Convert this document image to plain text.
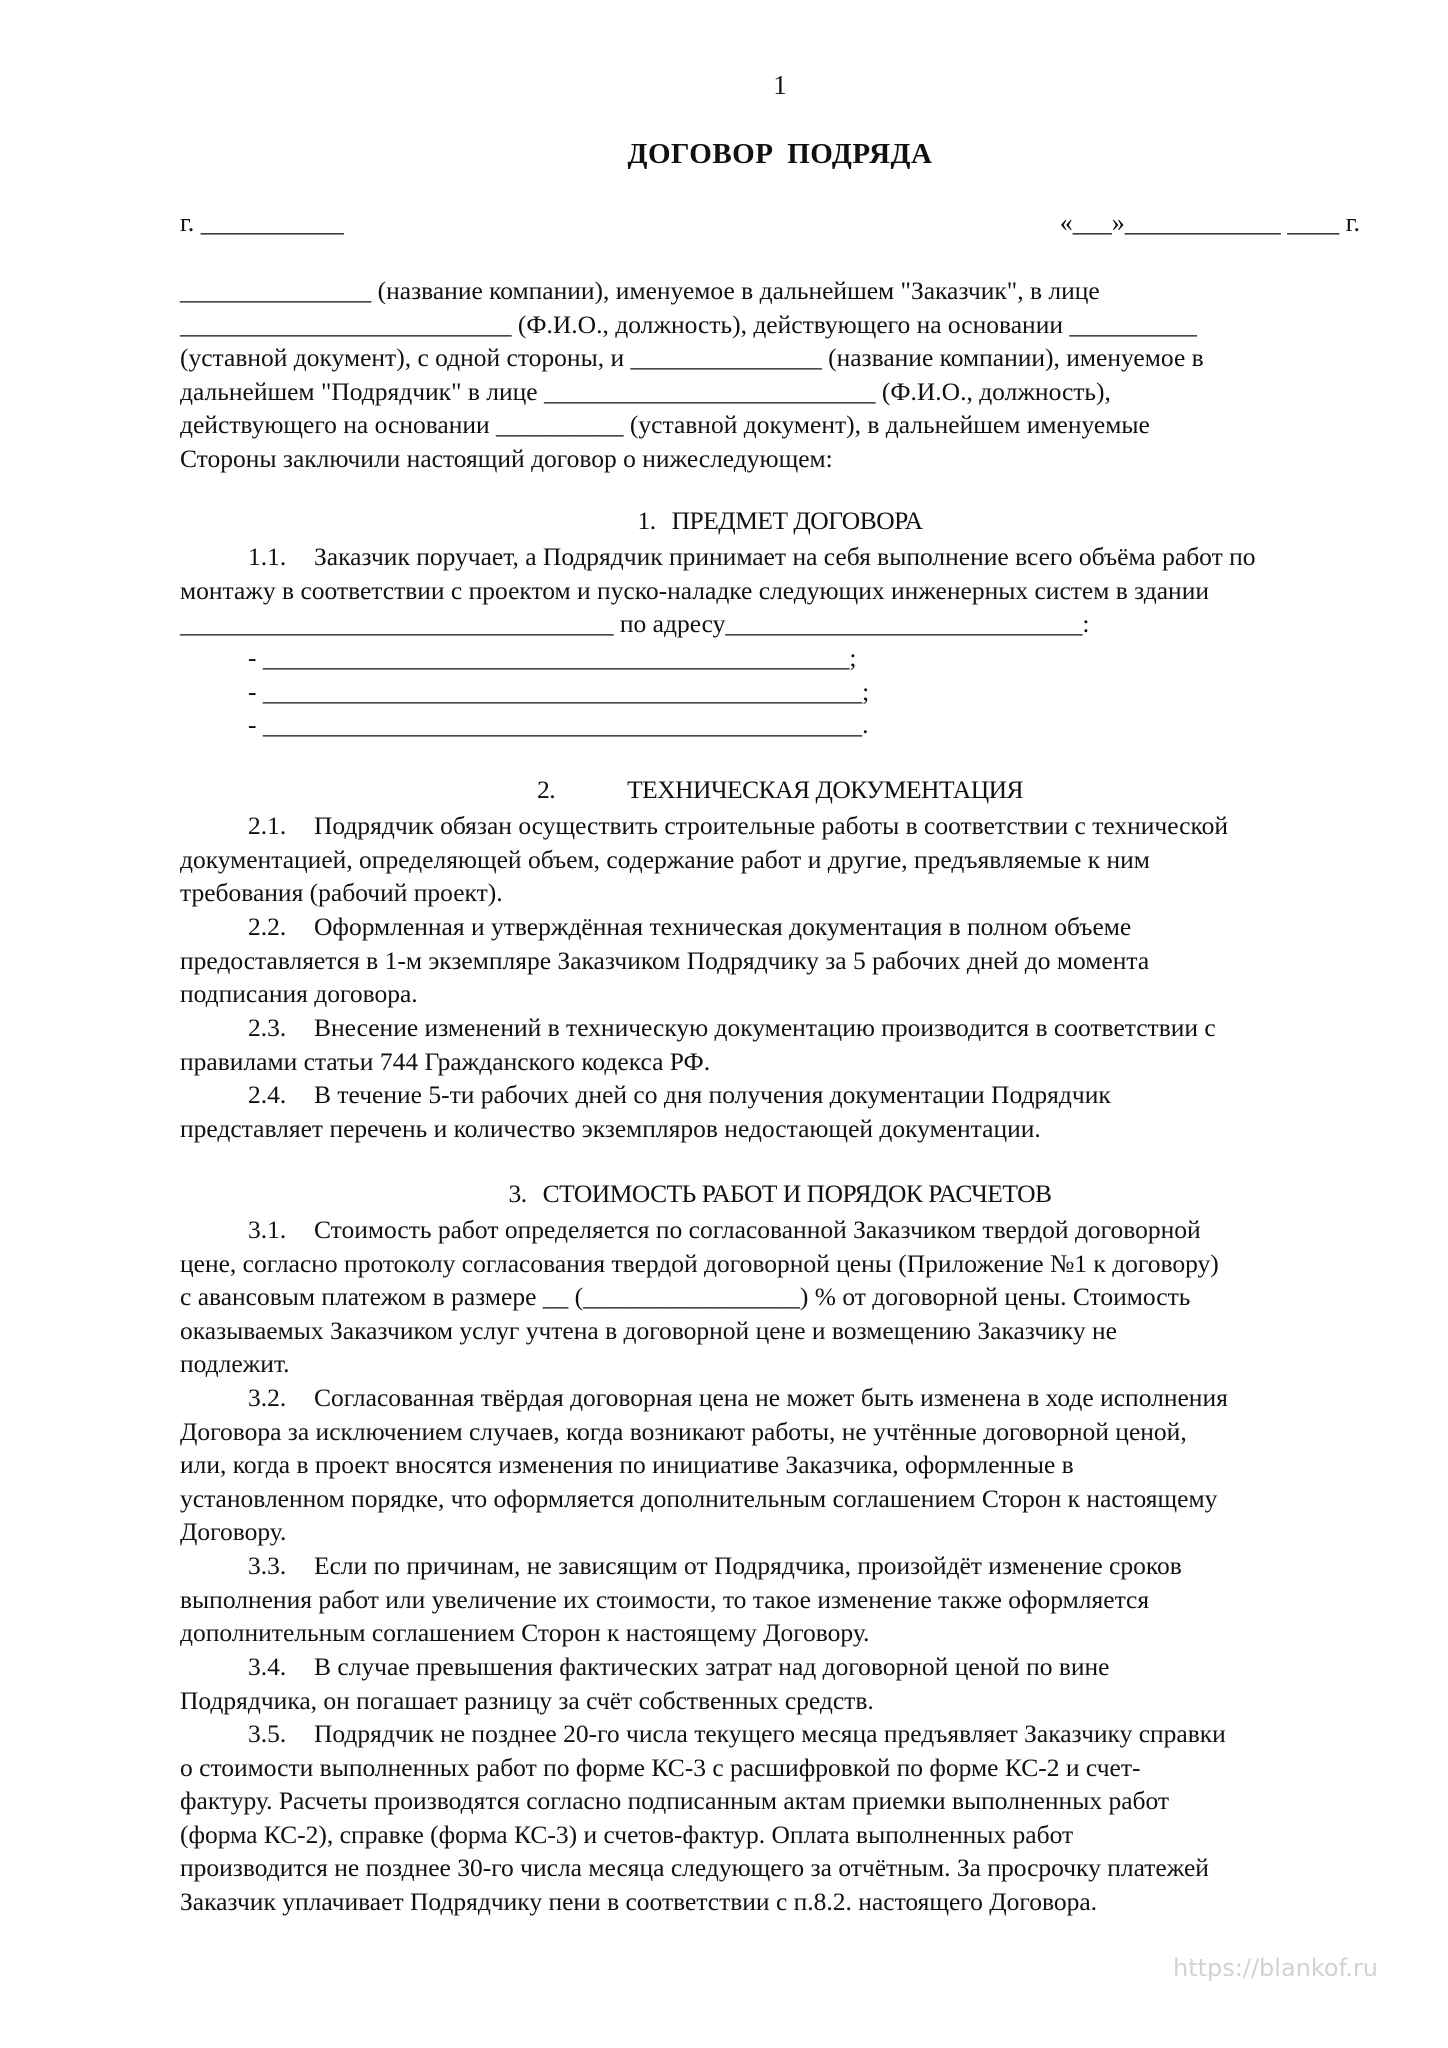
1
ДОГОВОР ПОДРЯДА
г. ___________	«___»____________ ____ г.
_______________ (название компании), именуемое в дальнейшем "Заказчик", в лице
__________________________ (Ф.И.О., должность), действующего на основании __________
(уставной документ), с одной стороны, и _______________ (название компании), именуемое в
дальнейшем "Подрядчик" в лице __________________________ (Ф.И.О., должность),
действующего на основании __________ (уставной документ), в дальнейшем именуемые
Стороны заключили настоящий договор о нижеследующем:
1. ПРЕДМЕТ ДОГОВОРА
1.1. Заказчик поручает, а Подрядчик принимает на себя выполнение всего объёма работ по
монтажу в соответствии с проектом и пуско-наладке следующих инженерных систем в здании
__________________________________ по адресу____________________________:
- ______________________________________________;
- _______________________________________________;
- _______________________________________________.
2.	ТЕХНИЧЕСКАЯ ДОКУМЕНТАЦИЯ
2.1. Подрядчик обязан осуществить строительные работы в соответствии с технической
документацией, определяющей объем, содержание работ и другие, предъявляемые к ним
требования (рабочий проект).
2.2. Оформленная и утверждённая техническая документация в полном объеме
предоставляется в 1-м экземпляре Заказчиком Подрядчику за 5 рабочих дней до момента
подписания договора.
2.3. Внесение изменений в техническую документацию производится в соответствии с
правилами статьи 744 Гражданского кодекса РФ.
2.4. В течение 5-ти рабочих дней со дня получения документации Подрядчик
представляет перечень и количество экземпляров недостающей документации.
3. СТОИМОСТЬ РАБОТ И ПОРЯДОК РАСЧЕТОВ
3.1. Стоимость работ определяется по согласованной Заказчиком твердой договорной
цене, согласно протоколу согласования твердой договорной цены (Приложение №1 к договору)
с авансовым платежом в размере __ (_________________) % от договорной цены. Стоимость
оказываемых Заказчиком услуг учтена в договорной цене и возмещению Заказчику не
подлежит.
3.2. Согласованная твёрдая договорная цена не может быть изменена в ходе исполнения
Договора за исключением случаев, когда возникают работы, не учтённые договорной ценой,
или, когда в проект вносятся изменения по инициативе Заказчика, оформленные в
установленном порядке, что оформляется дополнительным соглашением Сторон к настоящему
Договору.
3.3. Если по причинам, не зависящим от Подрядчика, произойдёт изменение сроков
выполнения работ или увеличение их стоимости, то такое изменение также оформляется
дополнительным соглашением Сторон к настоящему Договору.
3.4. В случае превышения фактических затрат над договорной ценой по вине
Подрядчика, он погашает разницу за счёт собственных средств.
3.5. Подрядчик не позднее 20-го числа текущего месяца предъявляет Заказчику справки
о стоимости выполненных работ по форме КС-3 с расшифровкой по форме КС-2 и счет-
фактуру. Расчеты производятся согласно подписанным актам приемки выполненных работ
(форма КС-2), справке (форма КС-3) и счетов-фактур. Оплата выполненных работ
производится не позднее 30-го числа месяца следующего за отчётным. За просрочку платежей
Заказчик уплачивает Подрядчику пени в соответствии с п.8.2. настоящего Договора.
https://blankof.ru
